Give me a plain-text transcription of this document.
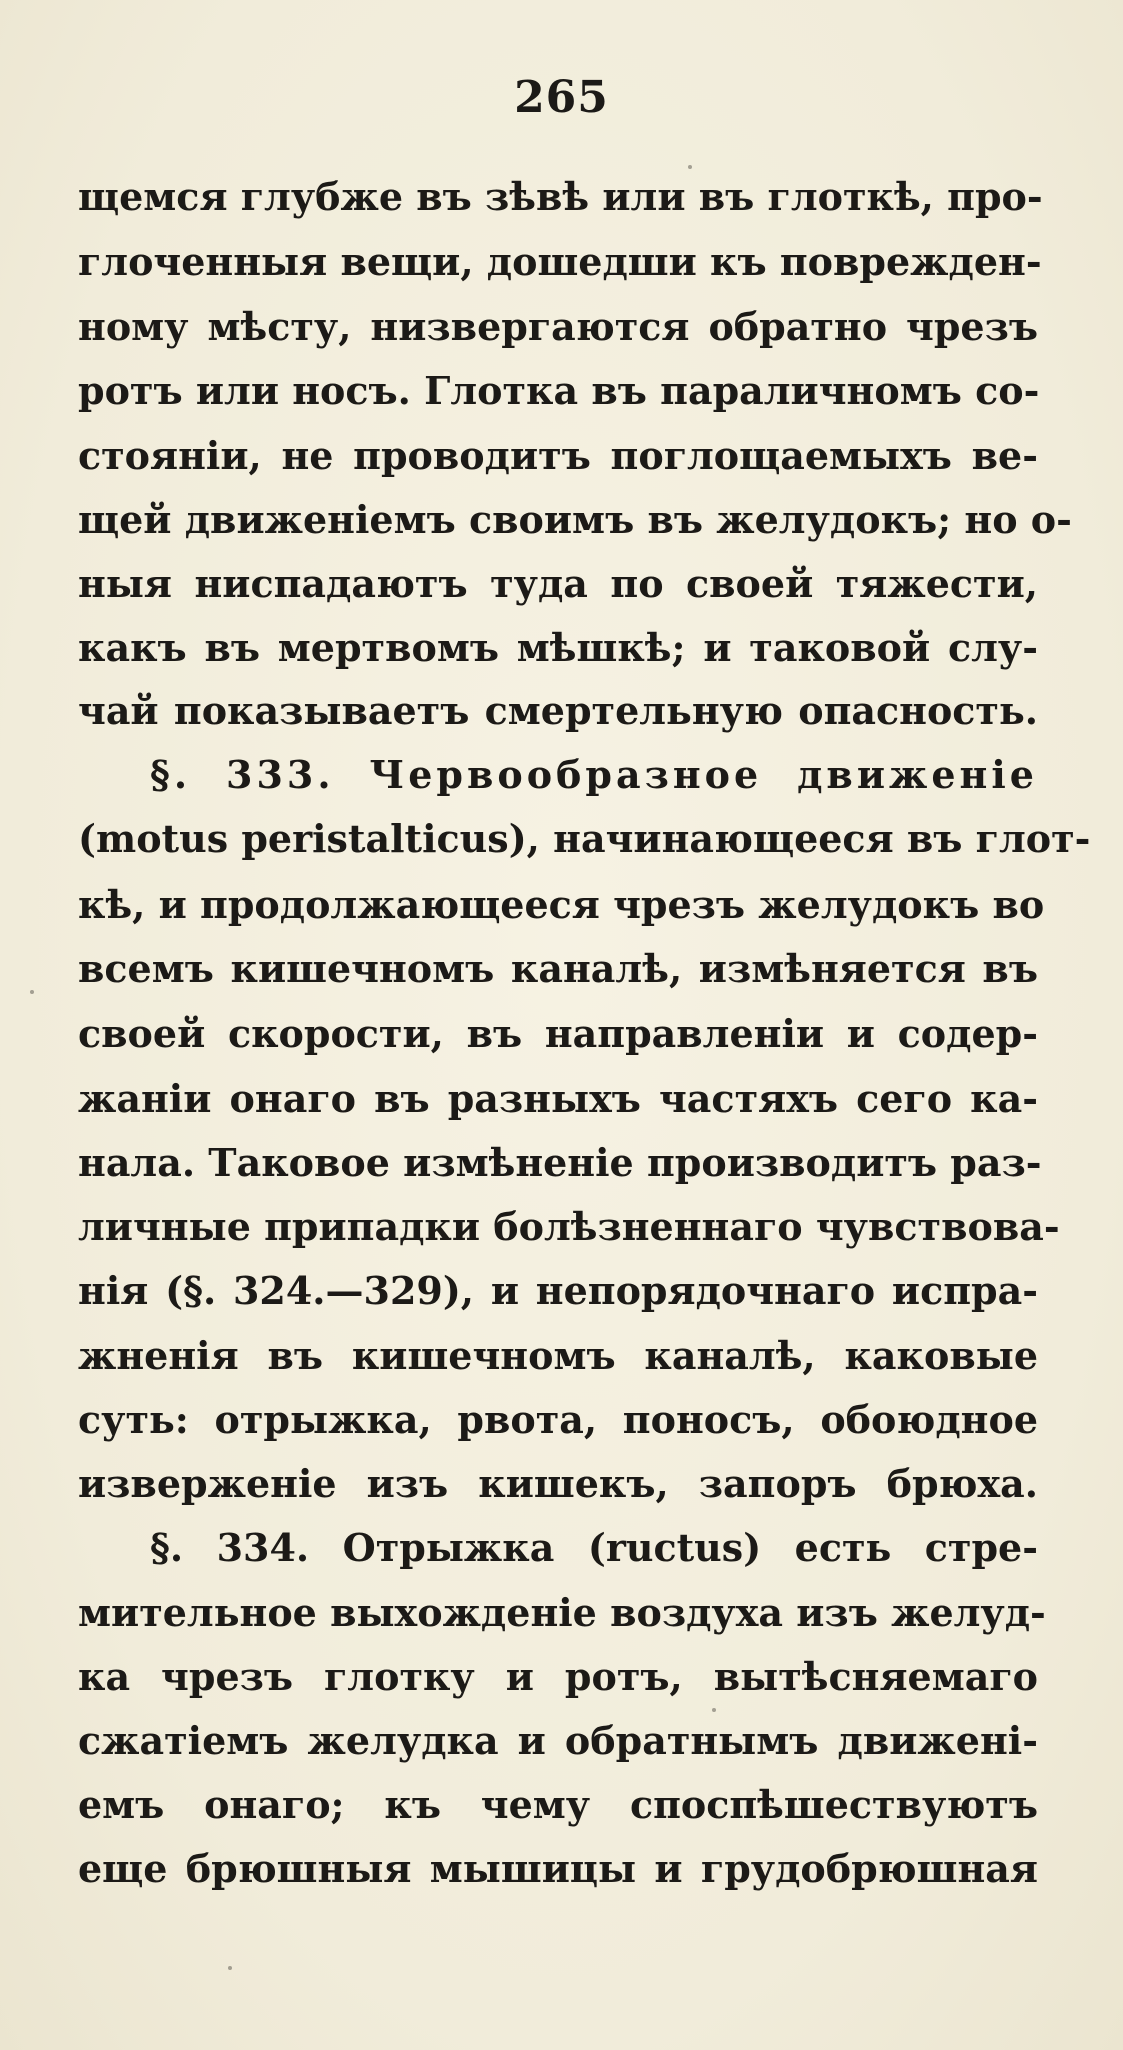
265
щемся глубже въ зѣвѣ или въ глоткѣ, про-
глоченныя вещи, дошедши къ поврежден-
ному мѣсту, низвергаются обратно чрезъ
ротъ или носъ. Глотка въ параличномъ со-
стояніи, не проводитъ поглощаемыхъ ве-
щей движеніемъ своимъ въ желудокъ; но о-
ныя ниспадаютъ туда по своей тяжести,
какъ въ мертвомъ мѣшкѣ; и таковой слу-
чай показываетъ смертельную опасность.
§. 333. Червообразное движеніе
(motus peristalticus), начинающееся въ глот-
кѣ, и продолжающееся чрезъ желудокъ во
всемъ кишечномъ каналѣ, измѣняется въ
своей скорости, въ направленіи и содер-
жаніи онаго въ разныхъ частяхъ сего ка-
нала. Таковое измѣненіе производитъ раз-
личные припадки болѣзненнаго чувствова-
нія (§. 324.—329), и непорядочнаго испра-
жненія въ кишечномъ каналѣ, каковые
суть: отрыжка, рвота, поносъ, обоюдное
изверженіе изъ кишекъ, запоръ брюха.
§. 334. Отрыжка (ructus) есть стре-
мительное выхожденіе воздуха изъ желуд-
ка чрезъ глотку и ротъ, вытѣсняемаго
сжатіемъ желудка и обратнымъ движені-
емъ онаго; къ чему споспѣшествуютъ
еще брюшныя мышицы и грудобрюшная
